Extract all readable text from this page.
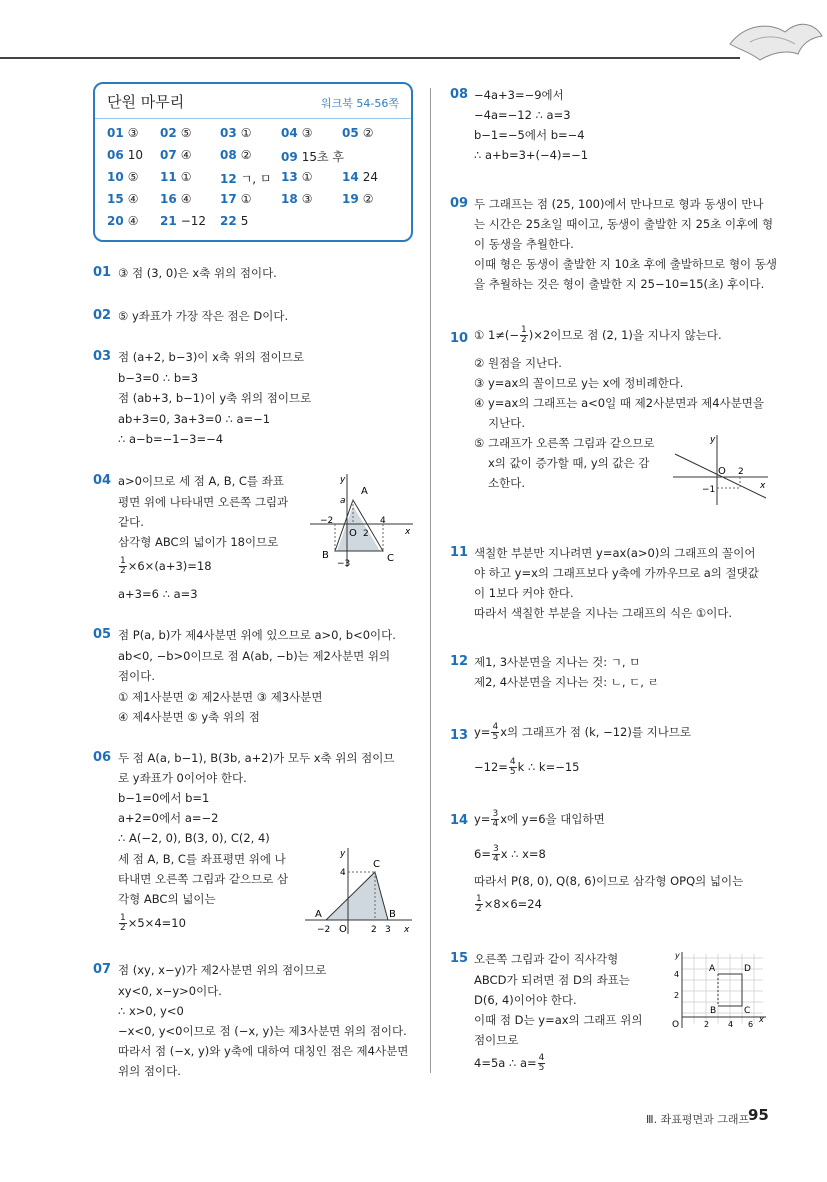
단원 마무리	워크북 54-56쪽
01 ③ 02 ⑤ 03 ① 04 ③ 05 ②
06 10 07 ④ 08 ② 09 15초 후
10 ⑤ 11 ① 12 ㄱ, ㅁ 13 ① 14 24
15 ④ 16 ④ 17 ① 18 ③ 19 ②
20 ④ 21 −12 22 5
01 ③ 점 (3, 0)은 x축 위의 점이다.
02 ⑤ y좌표가 가장 작은 점은 D이다.
03 점 (a+2, b−3)이 x축 위의 점이므로
b−3=0 ∴ b=3
점 (ab+3, b−1)이 y축 위의 점이므로
ab+3=0, 3a+3=0 ∴ a=−1
∴ a−b=−1−3=−4
04 a>0이므로 세 점 A, B, C를 좌표
평면 위에 나타내면 오른쪽 그림과
같다.
삼각형 ABC의 넓이가 18이므로
$\frac{1}{2} \times 6\times(a+3)=18$
a+3=6 ∴ a=3
y
a
A
−2	4
x
O 2
B	C
−3
05 점 P(a, b)가 제4사분면 위에 있으므로 a>0, b<0이다.
ab<0, −b>0이므로 점 A(ab, −b)는 제2사분면 위의
점이다.
① 제1사분면 ② 제2사분면 ③ 제3사분면
④ 제4사분면 ⑤ y축 위의 점
06 두 점 A(a, b−1), B(3b, a+2)가 모두 x축 위의 점이므
로 y좌표가 0이어야 한다.
b−1=0에서 b=1
a+2=0에서 a=−2
∴ A(−2, 0), B(3, 0), C(2, 4)
세 점 A, B, C를 좌표평면 위에 나
타내면 오른쪽 그림과 같으므로 삼
각형 ABC의 넓이는
$\frac{1}{2} \times 5\times 4=10$
y
4
C
A	B
−2 O	2 3 x
07 점 (xy, x−y)가 제2사분면 위의 점이므로
xy<0, x−y>0이다.
∴ x>0, y<0
−x<0, y<0이므로 점 (−x, y)는 제3사분면 위의 점이다.
따라서 점 (−x, y)와 y축에 대하여 대칭인 점은 제4사분면
위의 점이다.
08 −4a+3=−9에서
−4a=−12 ∴ a=3
b−1=−5에서 b=−4
∴ a+b=3+(−4)=−1
09 두 그래프는 점 (25, 100)에서 만나므로 형과 동생이 만나
는 시간은 25초일 때이고, 동생이 출발한 지 25초 이후에 형
이 동생을 추월한다.
이때 형은 동생이 출발한 지 10초 후에 출발하므로 형이 동생
을 추월하는 것은 형이 출발한 지 25−10=15(초) 후이다.
10 ① $1\ne(- \frac{1}{2} )\times 2$이므로 점 (2, 1)을 지나지 않는다.
② 원점을 지난다.
③ y=ax의 꼴이므로 y는 x에 정비례한다.
④ y=ax의 그래프는 a<0일 때 제2사분면과 제4사분면을
지난다.
⑤ 그래프가 오른쪽 그림과 같으므로
x의 값이 증가할 때, y의 값은 감
소한다.
y
O 2
x
−1
11 색칠한 부분만 지나려면 y=ax(a>0)의 그래프의 꼴이어
야 하고 y=x의 그래프보다 y축에 가까우므로 a의 절댓값
이 1보다 커야 한다.
따라서 색칠한 부분을 지나는 그래프의 식은 ①이다.
12 제1, 3사분면을 지나는 것: ㄱ, ㅁ
제2, 4사분면을 지나는 것: ㄴ, ㄷ, ㄹ
13 $y= \frac{4}{5}$ x의 그래프가 점 (k, −12)를 지나므로
$-12= \frac{4}{5}$ k ∴ k=−15
14 $y= \frac{3}{4}$ x에 y=6을 대입하면
$6= \frac{3}{4}$ x ∴ x=8
따라서 P(8, 0), Q(8, 6)이므로 삼각형 OPQ의 넓이는
$\frac{1}{2} \times 8\times 6=24$
15 오른쪽 그림과 같이 직사각형
ABCD가 되려면 점 D의 좌표는
D(6, 4)이어야 한다.
이때 점 D는 y=ax의 그래프 위의
점이므로
4=5a ∴ $a= \frac{4}{5}$
y
4
A	D
2
B	C
O	2 4 6
x
Ⅲ. 좌표평면과 그래프
95
